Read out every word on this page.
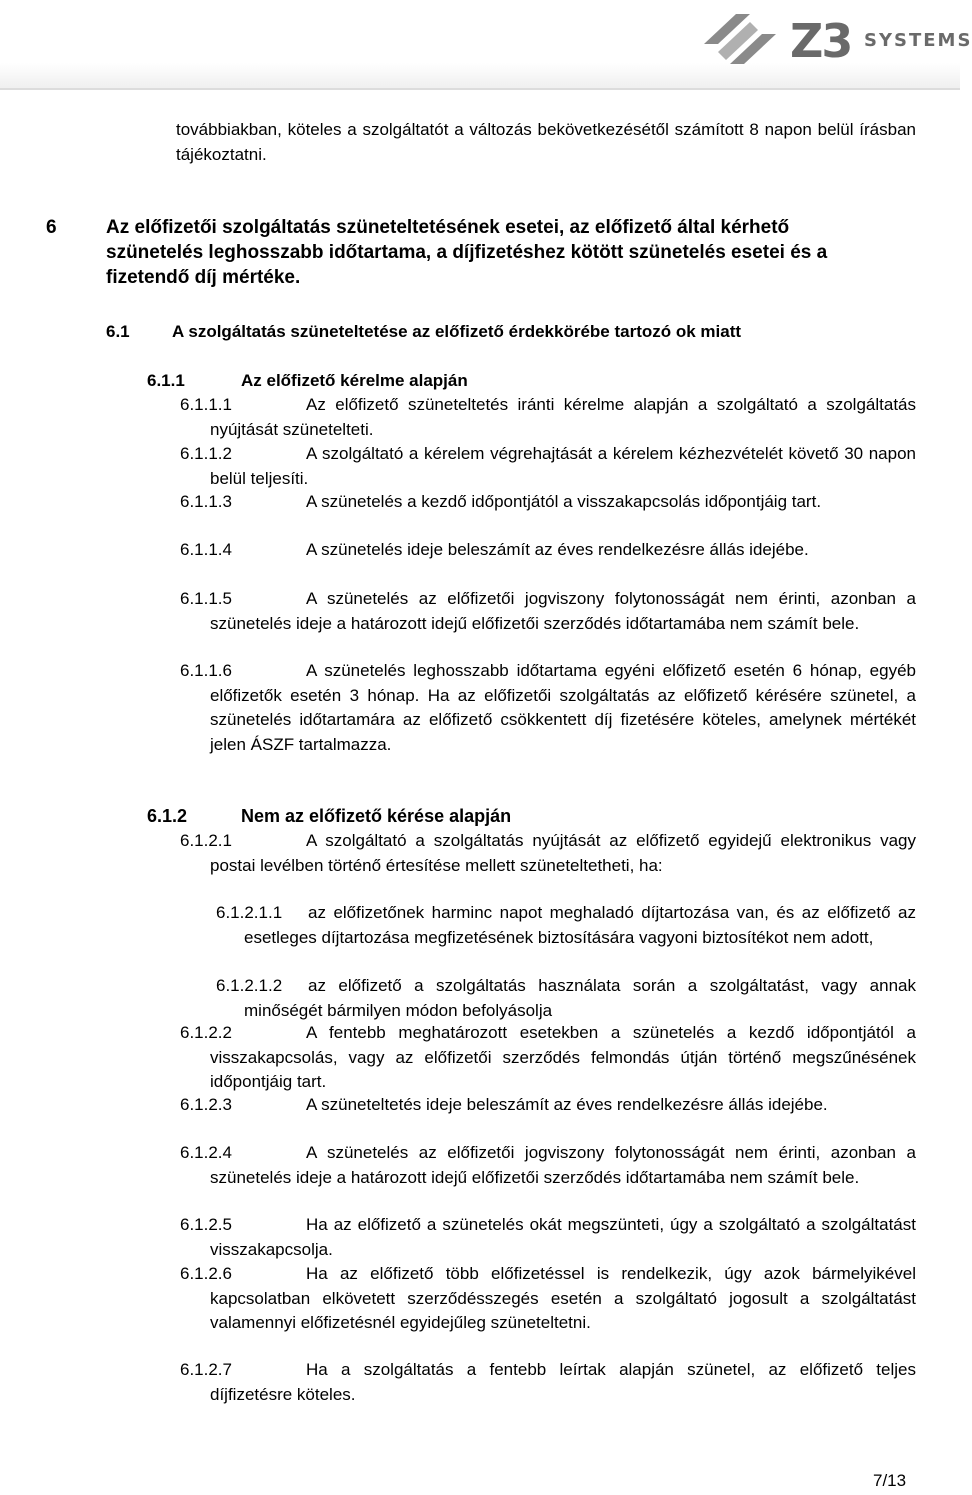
Z3 SYSTEMS
továbbiakban, köteles a szolgáltatót a változás bekövetkezésétől számított 8 napon belül írásban tájékoztatni.
6	Az előfizetői szolgáltatás szüneteltetésének esetei, az előfizető által kérhető szünetelés leghosszabb időtartama, a díjfizetéshez kötött szünetelés esetei és a fizetendő díj mértéke.
6.1 A szolgáltatás szüneteltetése az előfizető érdekkörébe tartozó ok miatt
6.1.1	Az előfizető kérelme alapján
6.1.1.1	Az előfizető szüneteltetés iránti kérelme alapján a szolgáltató a szolgáltatás nyújtását szünetelteti.
6.1.1.2	A szolgáltató a kérelem végrehajtását a kérelem kézhezvételét követő 30 napon belül teljesíti.
6.1.1.3	A szünetelés a kezdő időpontjától a visszakapcsolás időpontjáig tart.
6.1.1.4	A szünetelés ideje beleszámít az éves rendelkezésre állás idejébe.
6.1.1.5	A szünetelés az előfizetői jogviszony folytonosságát nem érinti, azonban a szünetelés ideje a határozott idejű előfizetői szerződés időtartamába nem számít bele.
6.1.1.6	A szünetelés leghosszabb időtartama egyéni előfizető esetén 6 hónap, egyéb előfizetők esetén 3 hónap. Ha az előfizetői szolgáltatás az előfizető kérésére szünetel, a szünetelés időtartamára az előfizető csökkentett díj fizetésére köteles, amelynek mértékét jelen ÁSZF tartalmazza.
6.1.2	Nem az előfizető kérése alapján
6.1.2.1	A szolgáltató a szolgáltatás nyújtását az előfizető egyidejű elektronikus vagy postai levélben történő értesítése mellett szüneteltetheti, ha:
6.1.2.1.1	az előfizetőnek harminc napot meghaladó díjtartozása van, és az előfizető az esetleges díjtartozása megfizetésének biztosítására vagyoni biztosítékot nem adott,
6.1.2.1.2	az előfizető a szolgáltatás használata során a szolgáltatást, vagy annak minőségét bármilyen módon befolyásolja
6.1.2.2	A fentebb meghatározott esetekben a szünetelés a kezdő időpontjától a visszakapcsolás, vagy az előfizetői szerződés felmondás útján történő megszűnésének időpontjáig tart.
6.1.2.3	A szüneteltetés ideje beleszámít az éves rendelkezésre állás idejébe.
6.1.2.4	A szünetelés az előfizetői jogviszony folytonosságát nem érinti, azonban a szünetelés ideje a határozott idejű előfizetői szerződés időtartamába nem számít bele.
6.1.2.5	Ha az előfizető a szünetelés okát megszünteti, úgy a szolgáltató a szolgáltatást visszakapcsolja.
6.1.2.6	Ha az előfizető több előfizetéssel is rendelkezik, úgy azok bármelyikével kapcsolatban elkövetett szerződésszegés esetén a szolgáltató jogosult a szolgáltatást valamennyi előfizetésnél egyidejűleg szüneteltetni.
6.1.2.7	Ha a szolgáltatás a fentebb leírtak alapján szünetel, az előfizető teljes díjfizetésre köteles.
7/13
